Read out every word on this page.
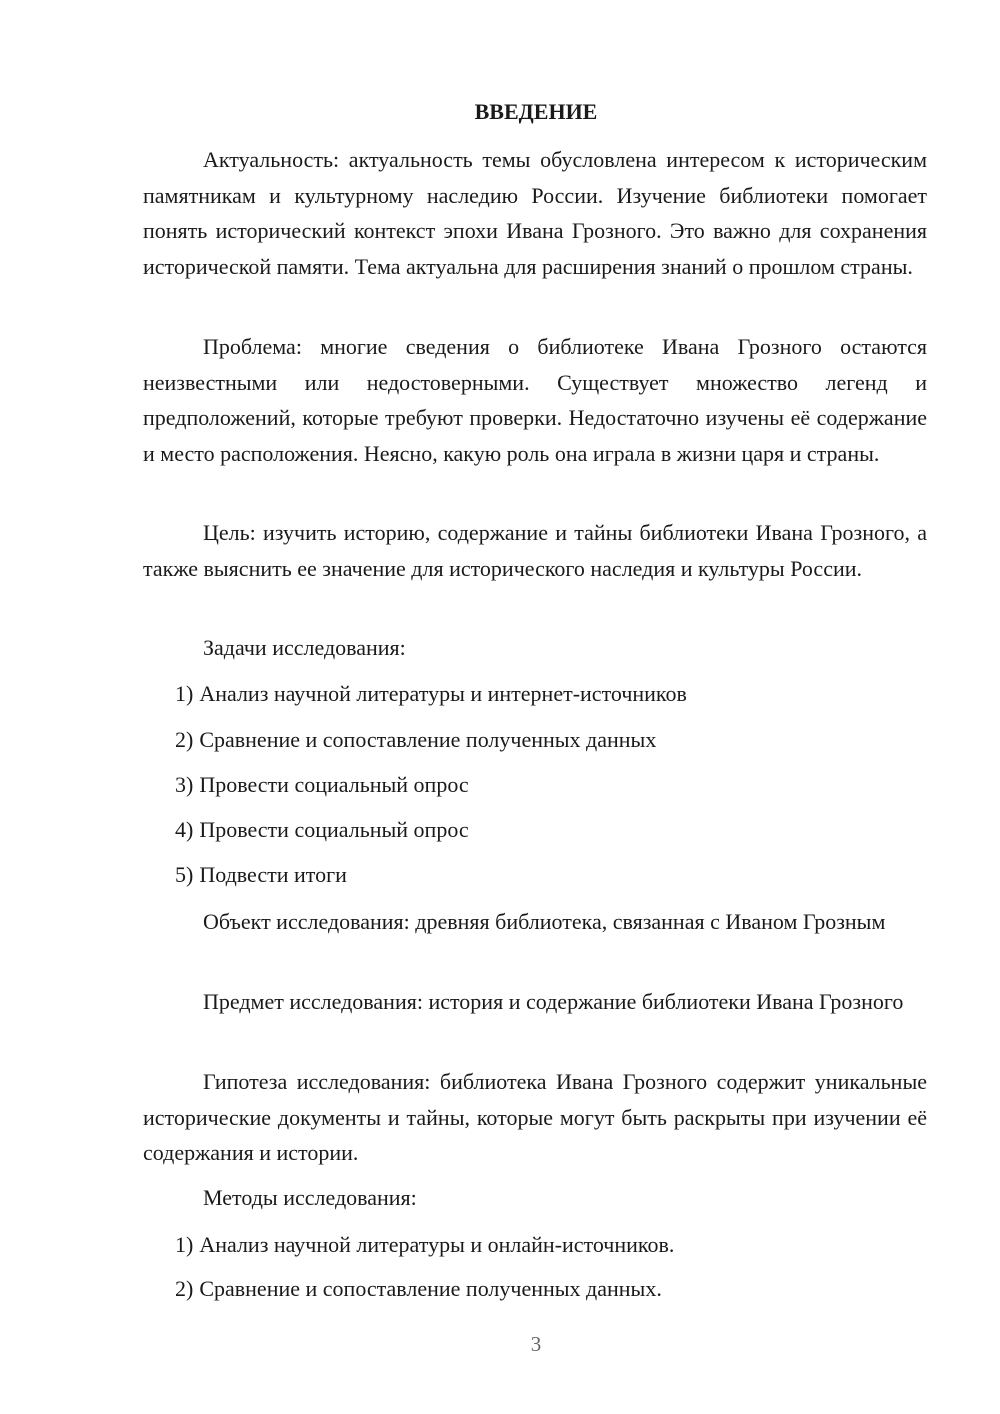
ВВЕДЕНИЕ

Актуальность: актуальность темы обусловлена интересом к историческим памятникам и культурному наследию России. Изучение библиотеки помогает понять исторический контекст эпохи Ивана Грозного. Это важно для сохранения исторической памяти. Тема актуальна для расширения знаний о прошлом страны.

Проблема: многие сведения о библиотеке Ивана Грозного остаются неизвестными или недостоверными. Существует множество легенд и предположений, которые требуют проверки. Недостаточно изучены её содержание и место расположения. Неясно, какую роль она играла в жизни царя и страны.

Цель: изучить историю, содержание и тайны библиотеки Ивана Грозного, а также выяснить ее значение для исторического наследия и культуры России.

Задачи исследования:

1) Анализ научной литературы и интернет-источников

2) Сравнение и сопоставление полученных данных

3) Провести социальный опрос

4) Провести социальный опрос

5) Подвести итоги

Объект исследования: древняя библиотека, связанная с Иваном Грозным

Предмет исследования: история и содержание библиотеки Ивана Грозного

Гипотеза исследования: библиотека Ивана Грозного содержит уникальные исторические документы и тайны, которые могут быть раскрыты при изучении её содержания и истории.

Методы исследования:

1) Анализ научной литературы и онлайн-источников.

2) Сравнение и сопоставление полученных данных.

3
